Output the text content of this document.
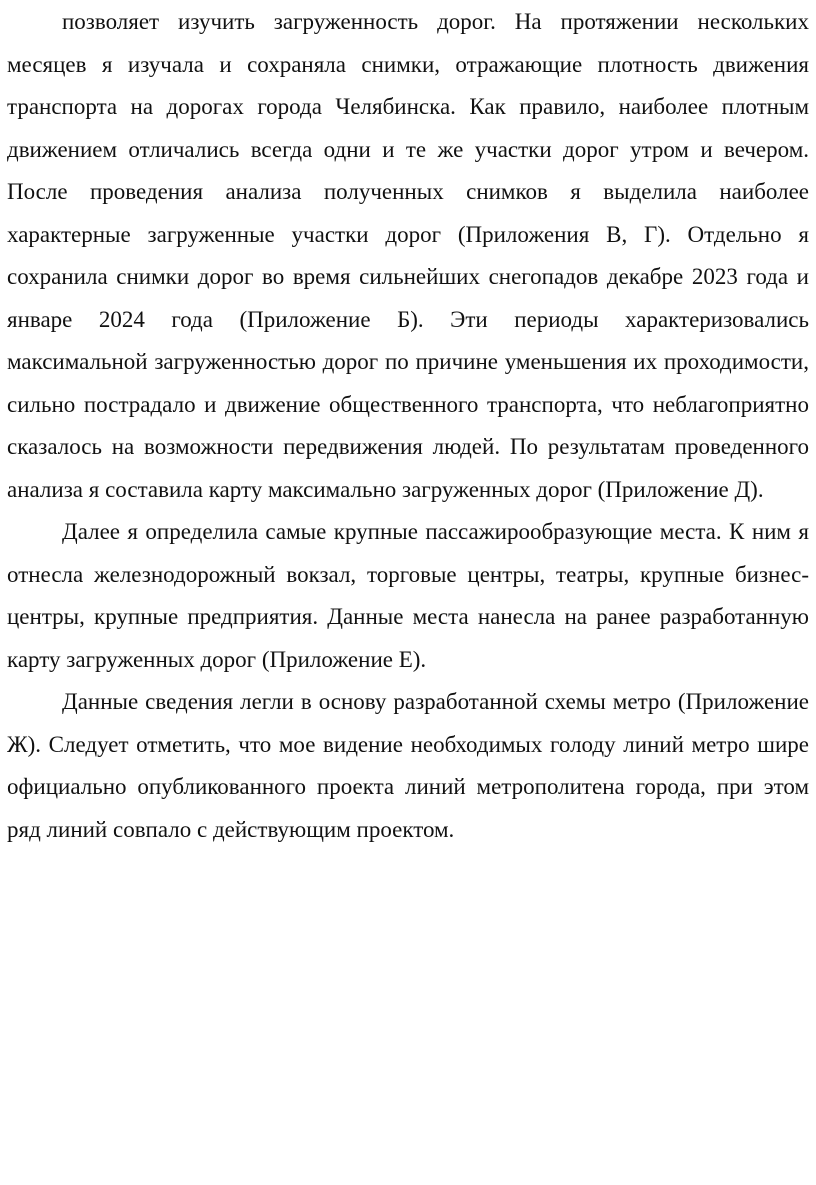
позволяет изучить загруженность дорог. На протяжении нескольких месяцев я изучала и сохраняла снимки, отражающие плотность движения транспорта на дорогах города Челябинска. Как правило, наиболее плотным движением отличались всегда одни и те же участки дорог утром и вечером. После проведения анализа полученных снимков я выделила наиболее характерные загруженные участки дорог (Приложения В, Г). Отдельно я сохранила снимки дорог во время сильнейших снегопадов декабре 2023 года и январе 2024 года (Приложение Б). Эти периоды характеризовались максимальной загруженностью дорог по причине уменьшения их проходимости, сильно пострадало и движение общественного транспорта, что неблагоприятно сказалось на возможности передвижения людей. По результатам проведенного анализа я составила карту максимально загруженных дорог (Приложение Д).

Далее я определила самые крупные пассажирообразующие места. К ним я отнесла железнодорожный вокзал, торговые центры, театры, крупные бизнес-центры, крупные предприятия. Данные места нанесла на ранее разработанную карту загруженных дорог (Приложение Е).

Данные сведения легли в основу разработанной схемы метро (Приложение Ж). Следует отметить, что мое видение необходимых голоду линий метро шире официально опубликованного проекта линий метрополитена города, при этом ряд линий совпало с действующим проектом.
